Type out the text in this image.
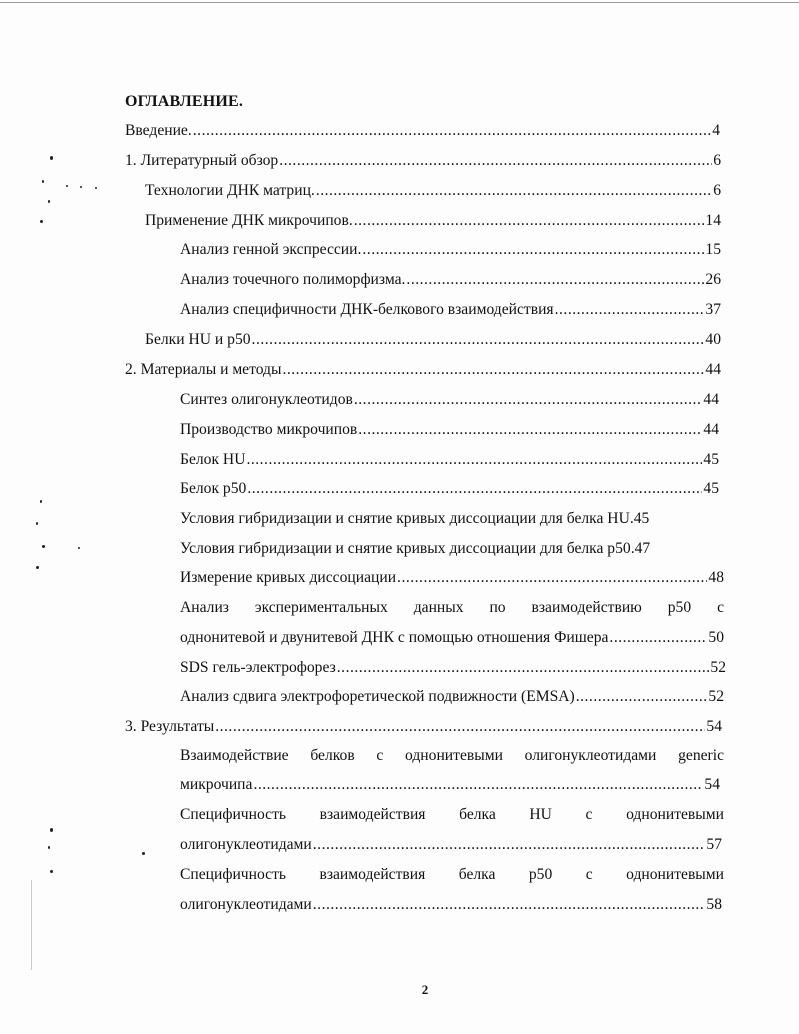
ОГЛАВЛЕНИЕ.
Введение. .....	4
1. Литературный обзор .....	6
Технологии ДНК матриц. .....	6
Применение ДНК микрочипов. .....	14
Анализ генной экспрессии. .....	15
Анализ точечного полиморфизма. .....	26
Анализ специфичности ДНК-белкового взаимодействия .....	37
Белки HU и р50 .....	40
2. Материалы и методы .....	44
Синтез олигонуклеотидов .....	44
Производство микрочипов .....	44
Белок HU .....	45
Белок р50 .....	45
Условия гибридизации и снятие кривых диссоциации для белка HU. 45
Условия гибридизации и снятие кривых диссоциации для белка р50. 47
Измерение кривых диссоциации .....	48
Анализ экспериментальных данных по взаимодействию р50 с
однонитевой и двунитевой ДНК с помощью отношения Фишера .....	50
SDS гель-электрофорез .....	52
Анализ сдвига электрофоретической подвижности (EMSA) .....	52
3. Результаты .....	54
Взаимодействие белков с однонитевыми олигонуклеотидами generic
микрочипа .....	54
Специфичность взаимодействия белка HU с однонитевыми
олигонуклеотидами .....	57
Специфичность взаимодействия белка р50 с однонитевыми
олигонуклеотидами .....	58
2
